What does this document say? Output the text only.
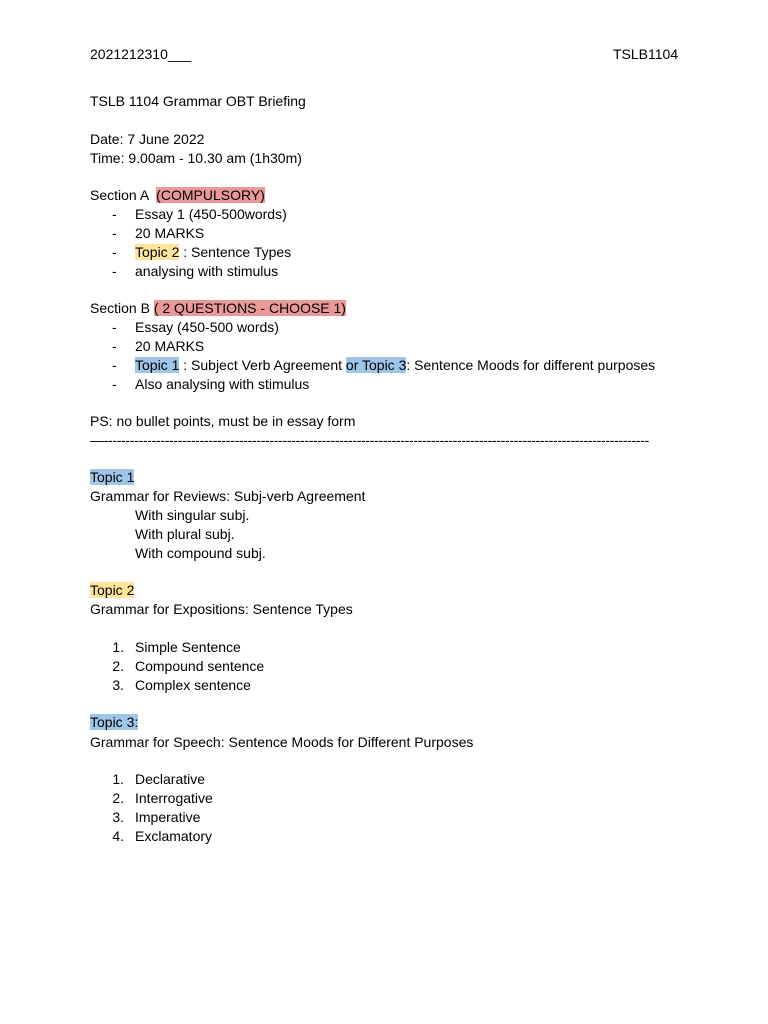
2021212310___	TSLB1104
TSLB 1104 Grammar OBT Briefing
Date: 7 June 2022
Time: 9.00am - 10.30 am (1h30m)
Section A  (COMPULSORY)
- Essay 1 (450-500words)
- 20 MARKS
- Topic 2 : Sentence Types
- analysing with stimulus
Section B ( 2 QUESTIONS - CHOOSE 1)
- Essay (450-500 words)
- 20 MARKS
- Topic 1 : Subject Verb Agreement or Topic 3: Sentence Moods for different purposes
- Also analysing with stimulus
PS: no bullet points, must be in essay form
—-----------------------------------------------------------------------------------------------------------------------------
Topic 1
Grammar for Reviews: Subj-verb Agreement
With singular subj.
With plural subj.
With compound subj.
Topic 2
Grammar for Expositions: Sentence Types
1. Simple Sentence
2. Compound sentence
3. Complex sentence
Topic 3:
Grammar for Speech: Sentence Moods for Different Purposes
1. Declarative
2. Interrogative
3. Imperative
4. Exclamatory
